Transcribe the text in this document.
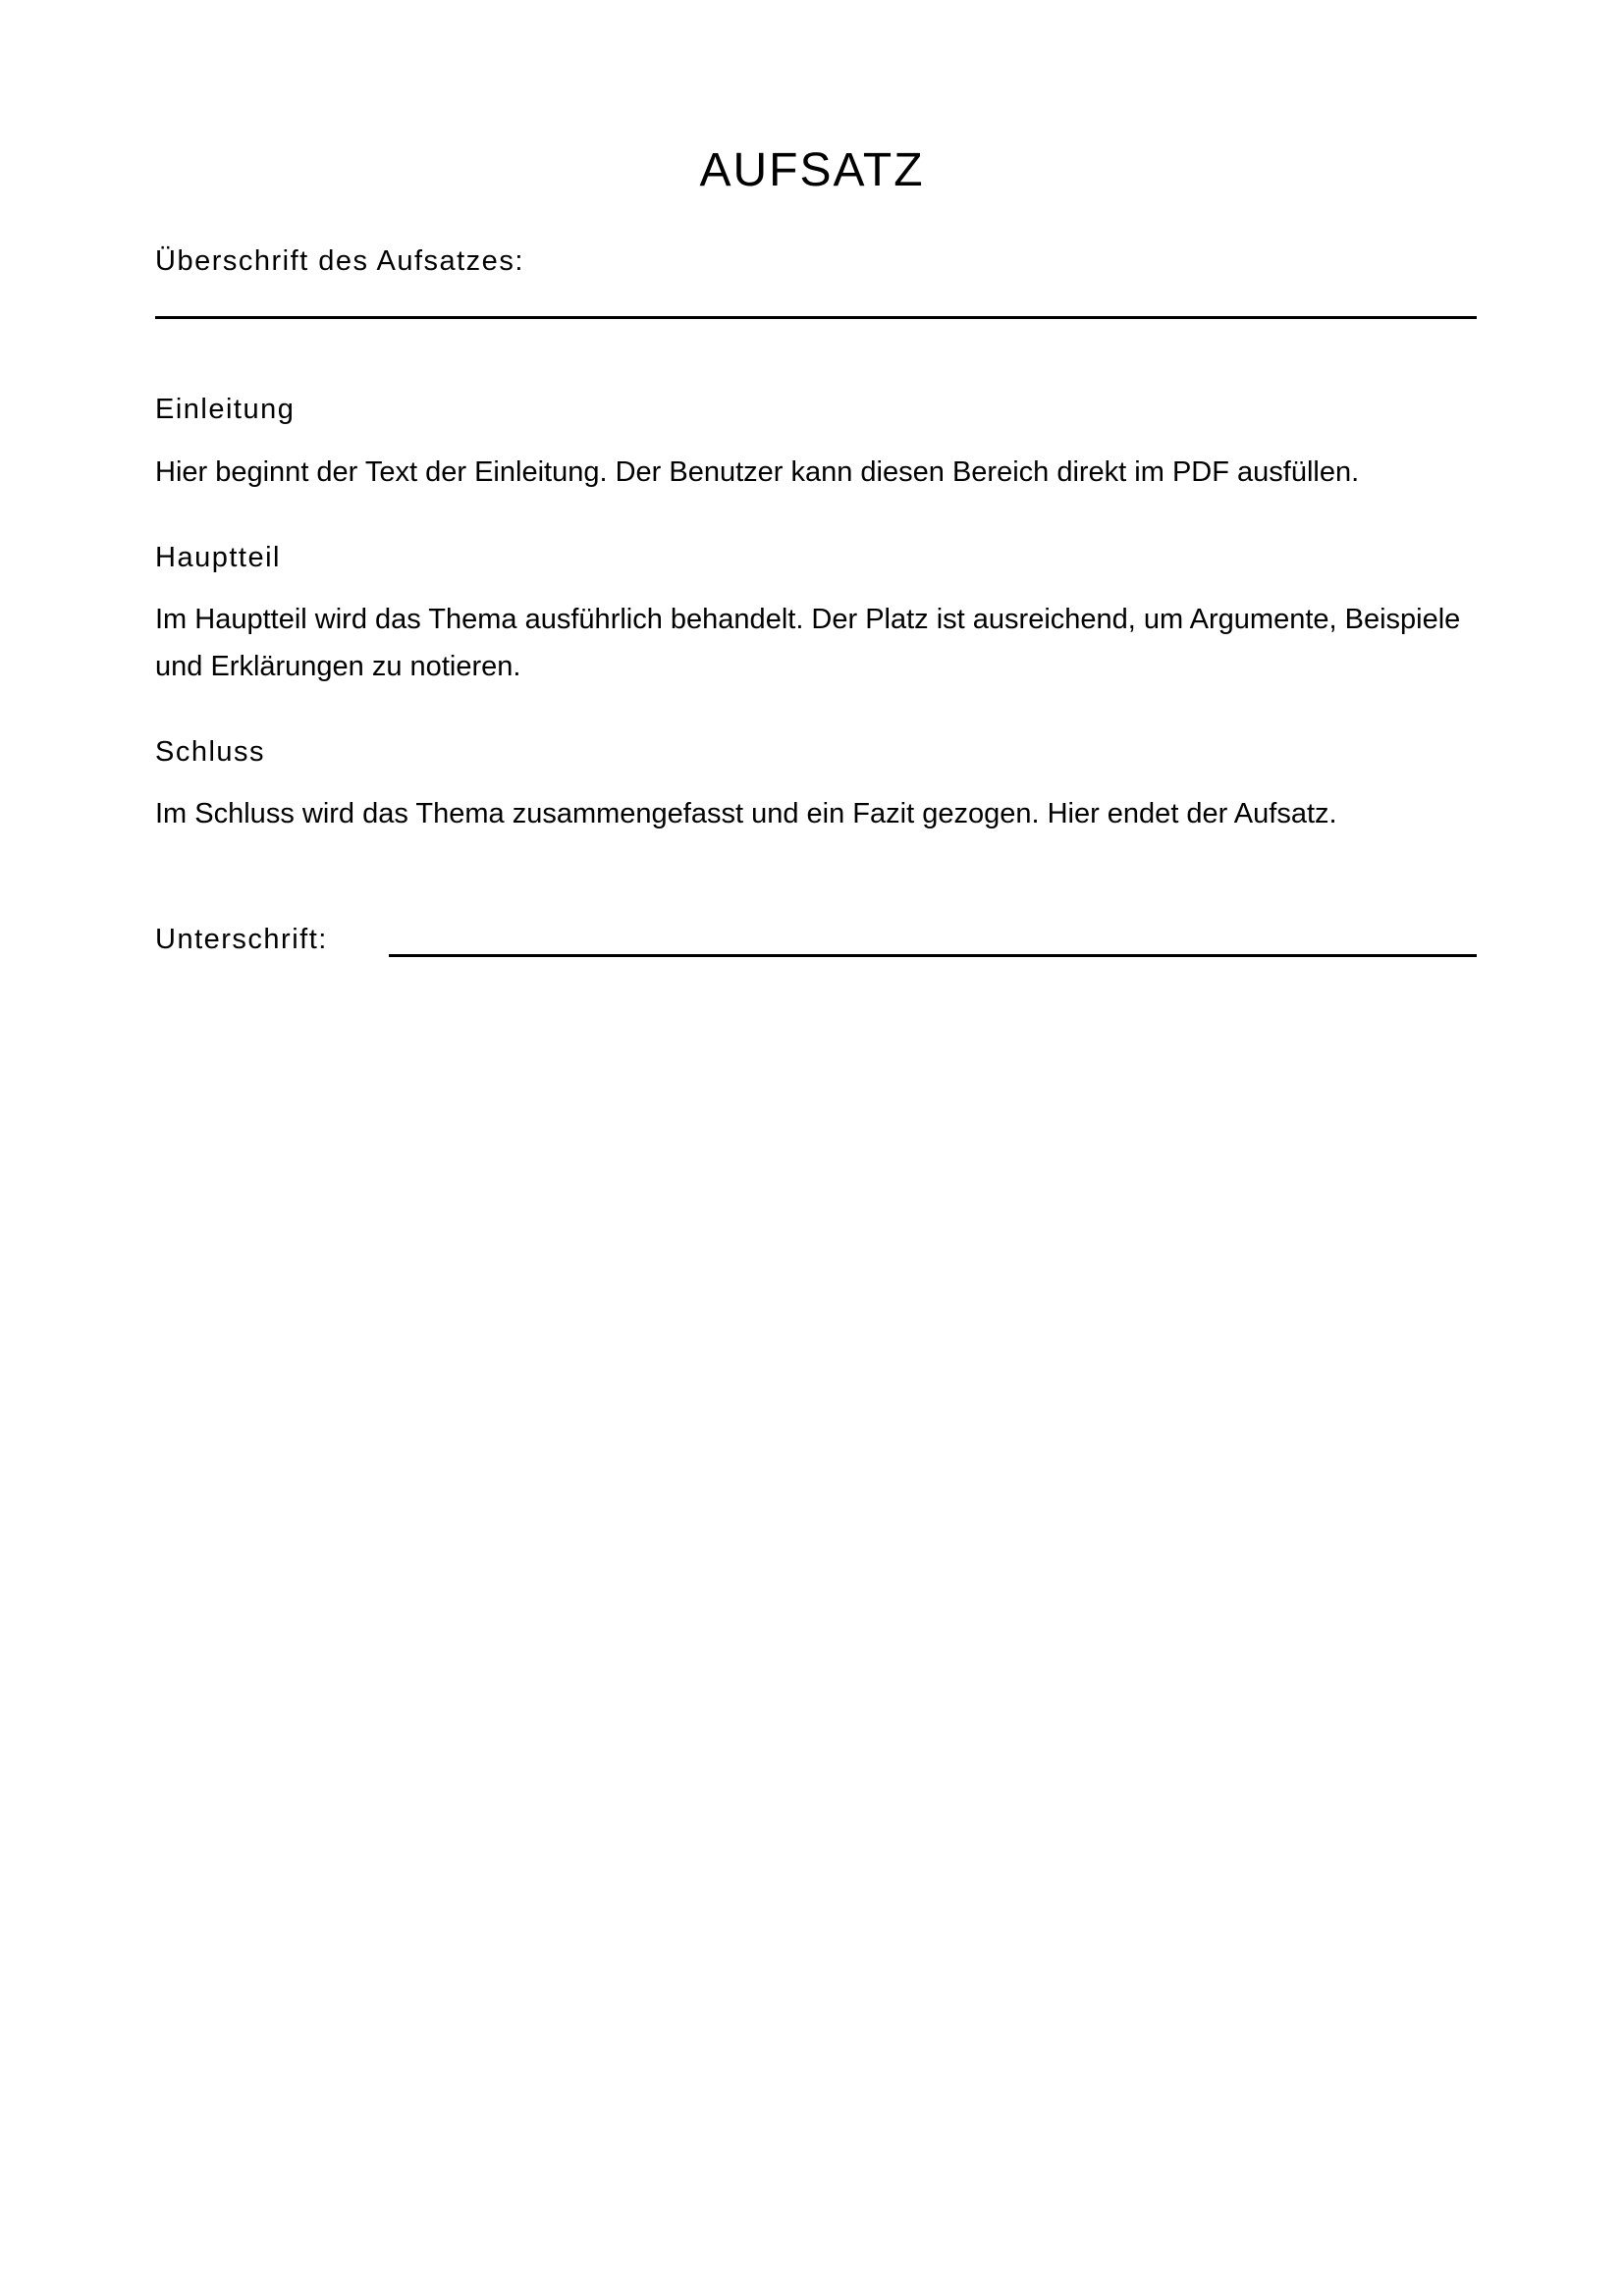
AUFSATZ
Überschrift des Aufsatzes:
Einleitung
Hier beginnt der Text der Einleitung. Der Benutzer kann diesen Bereich direkt im PDF ausfüllen.
Hauptteil
Im Hauptteil wird das Thema ausführlich behandelt. Der Platz ist ausreichend, um Argumente, Beispiele und Erklärungen zu notieren.
Schluss
Im Schluss wird das Thema zusammengefasst und ein Fazit gezogen. Hier endet der Aufsatz.
Unterschrift:
